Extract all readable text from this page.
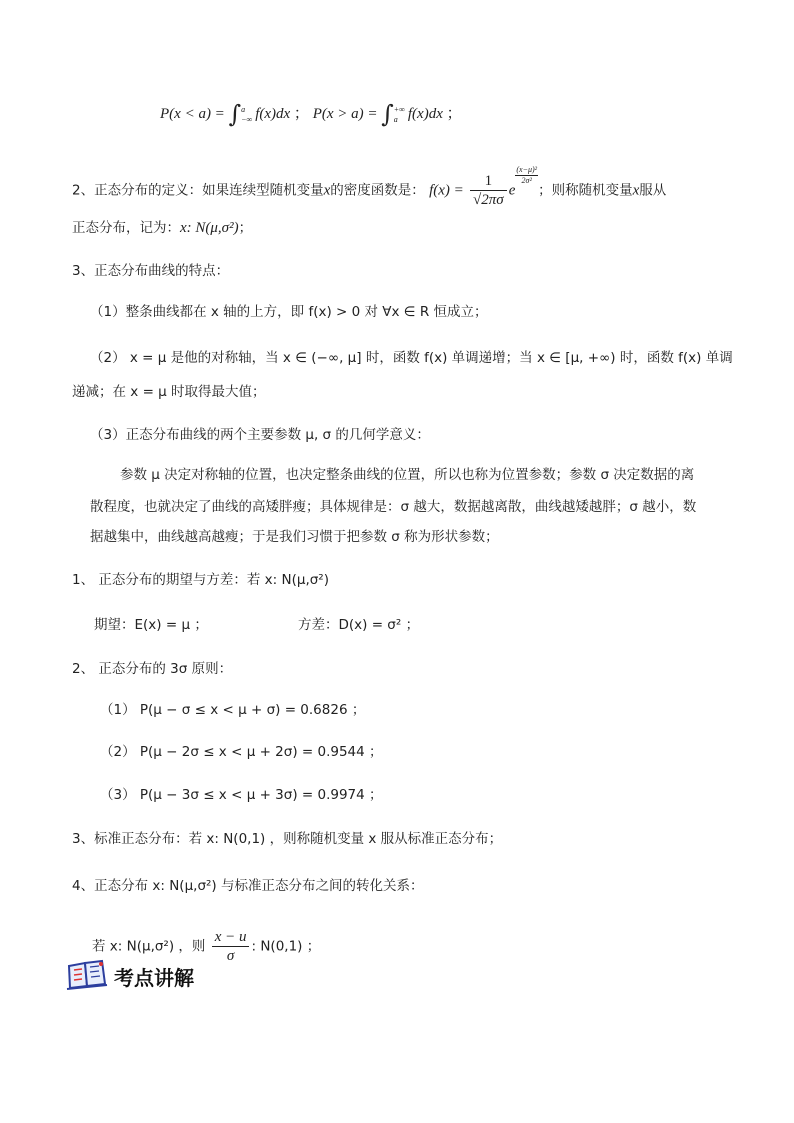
P(x < a) = ∫a
−∞ f(x)dx ； P(x > a) = ∫+∞
a f(x)dx ；
2、正态分布的定义：如果连续型随机变量x的密度函数是： $f(x) = \frac{1}{√2\pi\sigma}$ e
$\frac{\text{(x−μ)²}}{\text{2σ²}}$
；则称随机变量x服从
正态分布，记为：x: N(μ,σ²)；
3、正态分布曲线的特点：
（1）整条曲线都在 x 轴的上方，即 f(x) > 0 对 ∀x ∈ R 恒成立；
（2） x = μ 是他的对称轴，当 x ∈ (−∞, μ] 时，函数 f(x) 单调递增；当 x ∈ [μ, +∞) 时，函数 f(x) 单调
递减；在 x = μ 时取得最大值；
（3）正态分布曲线的两个主要参数 μ, σ 的几何学意义：
参数 μ 决定对称轴的位置，也决定整条曲线的位置，所以也称为位置参数；参数 σ 决定数据的离
散程度，也就决定了曲线的高矮胖瘦；具体规律是：σ 越大，数据越离散，曲线越矮越胖；σ 越小，数
据越集中，曲线越高越瘦；于是我们习惯于把参数 σ 称为形状参数；
1、 正态分布的期望与方差：若 x: N(μ,σ²)
期望：E(x) = μ ；	方差：D(x) = σ² ；
2、 正态分布的 3σ 原则：
（1） P(μ − σ ≤ x < μ + σ) = 0.6826 ；
（2） P(μ − 2σ ≤ x < μ + 2σ) = 0.9544 ；
（3） P(μ − 3σ ≤ x < μ + 3σ) = 0.9974 ；
3、标准正态分布：若 x: N(0,1) ，则称随机变量 x 服从标准正态分布；
4、正态分布 x: N(μ,σ²) 与标准正态分布之间的转化关系：
若 x: N(μ,σ²) ，则 $\frac{x - u}{\sigma}$ : N(0,1) ；
考点讲解
